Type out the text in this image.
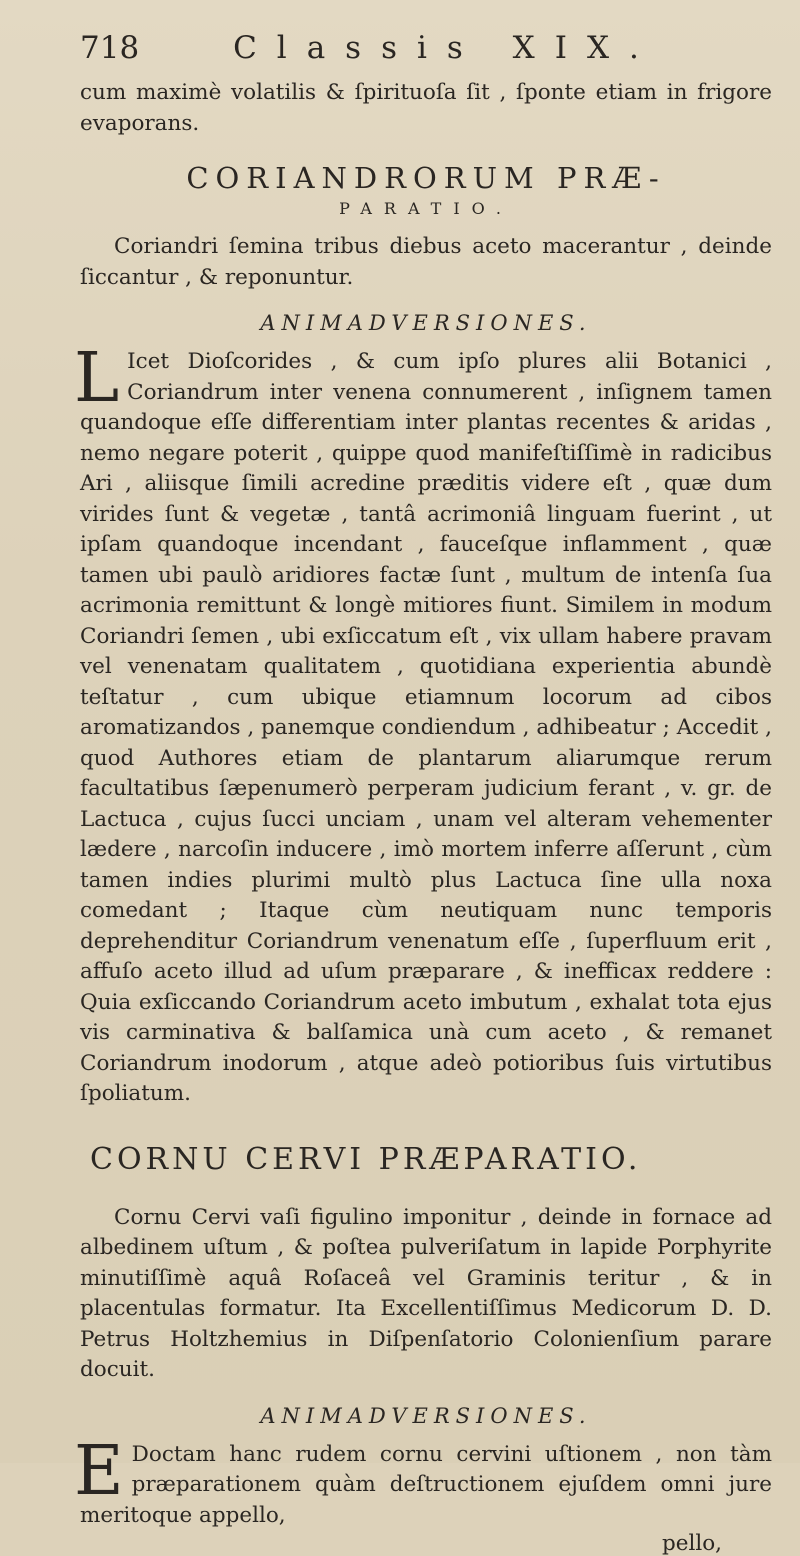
718	Classis XIX.

cum maximè volatilis & ſpirituoſa ſit , ſponte etiam in frigore evaporans.

CORIANDRORUM PRÆ-
PARATIO.

Coriandri ſemina tribus diebus aceto macerantur , deinde ſiccantur , & reponuntur.

ANIMADVERSIONES.

L Icet Dioſcorides , & cum ipſo plures alii Botanici , Coriandrum inter venena connumerent , inſignem tamen quandoque eſſe differentiam inter plantas recentes & aridas , nemo negare poterit , quippe quod manifeſtiſſimè in radicibus Ari , aliisque ſimili acredine præditis videre eſt , quæ dum virides ſunt & vegetæ , tantâ acrimoniâ linguam fuerint , ut ipſam quandoque incendant , fauceſque inflamment , quæ tamen ubi paulò aridiores factæ ſunt , multum de intenſa ſua acrimonia remittunt & longè mitiores fiunt. Similem in modum Coriandri ſemen , ubi exſiccatum eſt , vix ullam habere pravam vel venenatam qualitatem , quotidiana experientia abundè teſtatur , cum ubique etiamnum locorum ad cibos aromatizandos , panemque condiendum , adhibeatur ; Accedit , quod Authores etiam de plantarum aliarumque rerum facultatibus ſæpenumerò perperam judicium ferant , v. gr. de Lactuca , cujus ſucci unciam , unam vel alteram vehementer lædere , narcoſin inducere , imò mortem inferre aſſerunt , cùm tamen indies plurimi multò plus Lactuca ſine ulla noxa comedant ; Itaque cùm neutiquam nunc temporis deprehenditur Coriandrum venenatum eſſe , ſuperfluum erit , affuſo aceto illud ad uſum præparare , & inefficax reddere : Quia exſiccando Coriandrum aceto imbutum , exhalat tota ejus vis carminativa & balſamica unà cum aceto , & remanet Coriandrum inodorum , atque adeò potioribus ſuis virtutibus ſpoliatum.

CORNU CERVI PRÆPARATIO.

Cornu Cervi vaſi figulino imponitur , deinde in fornace ad albedinem uſtum , & poſtea pulveriſatum in lapide Porphyrite minutiſſimè aquâ Roſaceâ vel Graminis teritur , & in placentulas formatur. Ita Excellentiſſimus Medicorum D. D. Petrus Holtzhemius in Diſpenſatorio Colonienſium parare docuit.

ANIMADVERSIONES.

E Doctam hanc rudem cornu cervini uſtionem , non tàm præparationem quàm deſtructionem ejuſdem omni jure meritoque appello,

pello,
